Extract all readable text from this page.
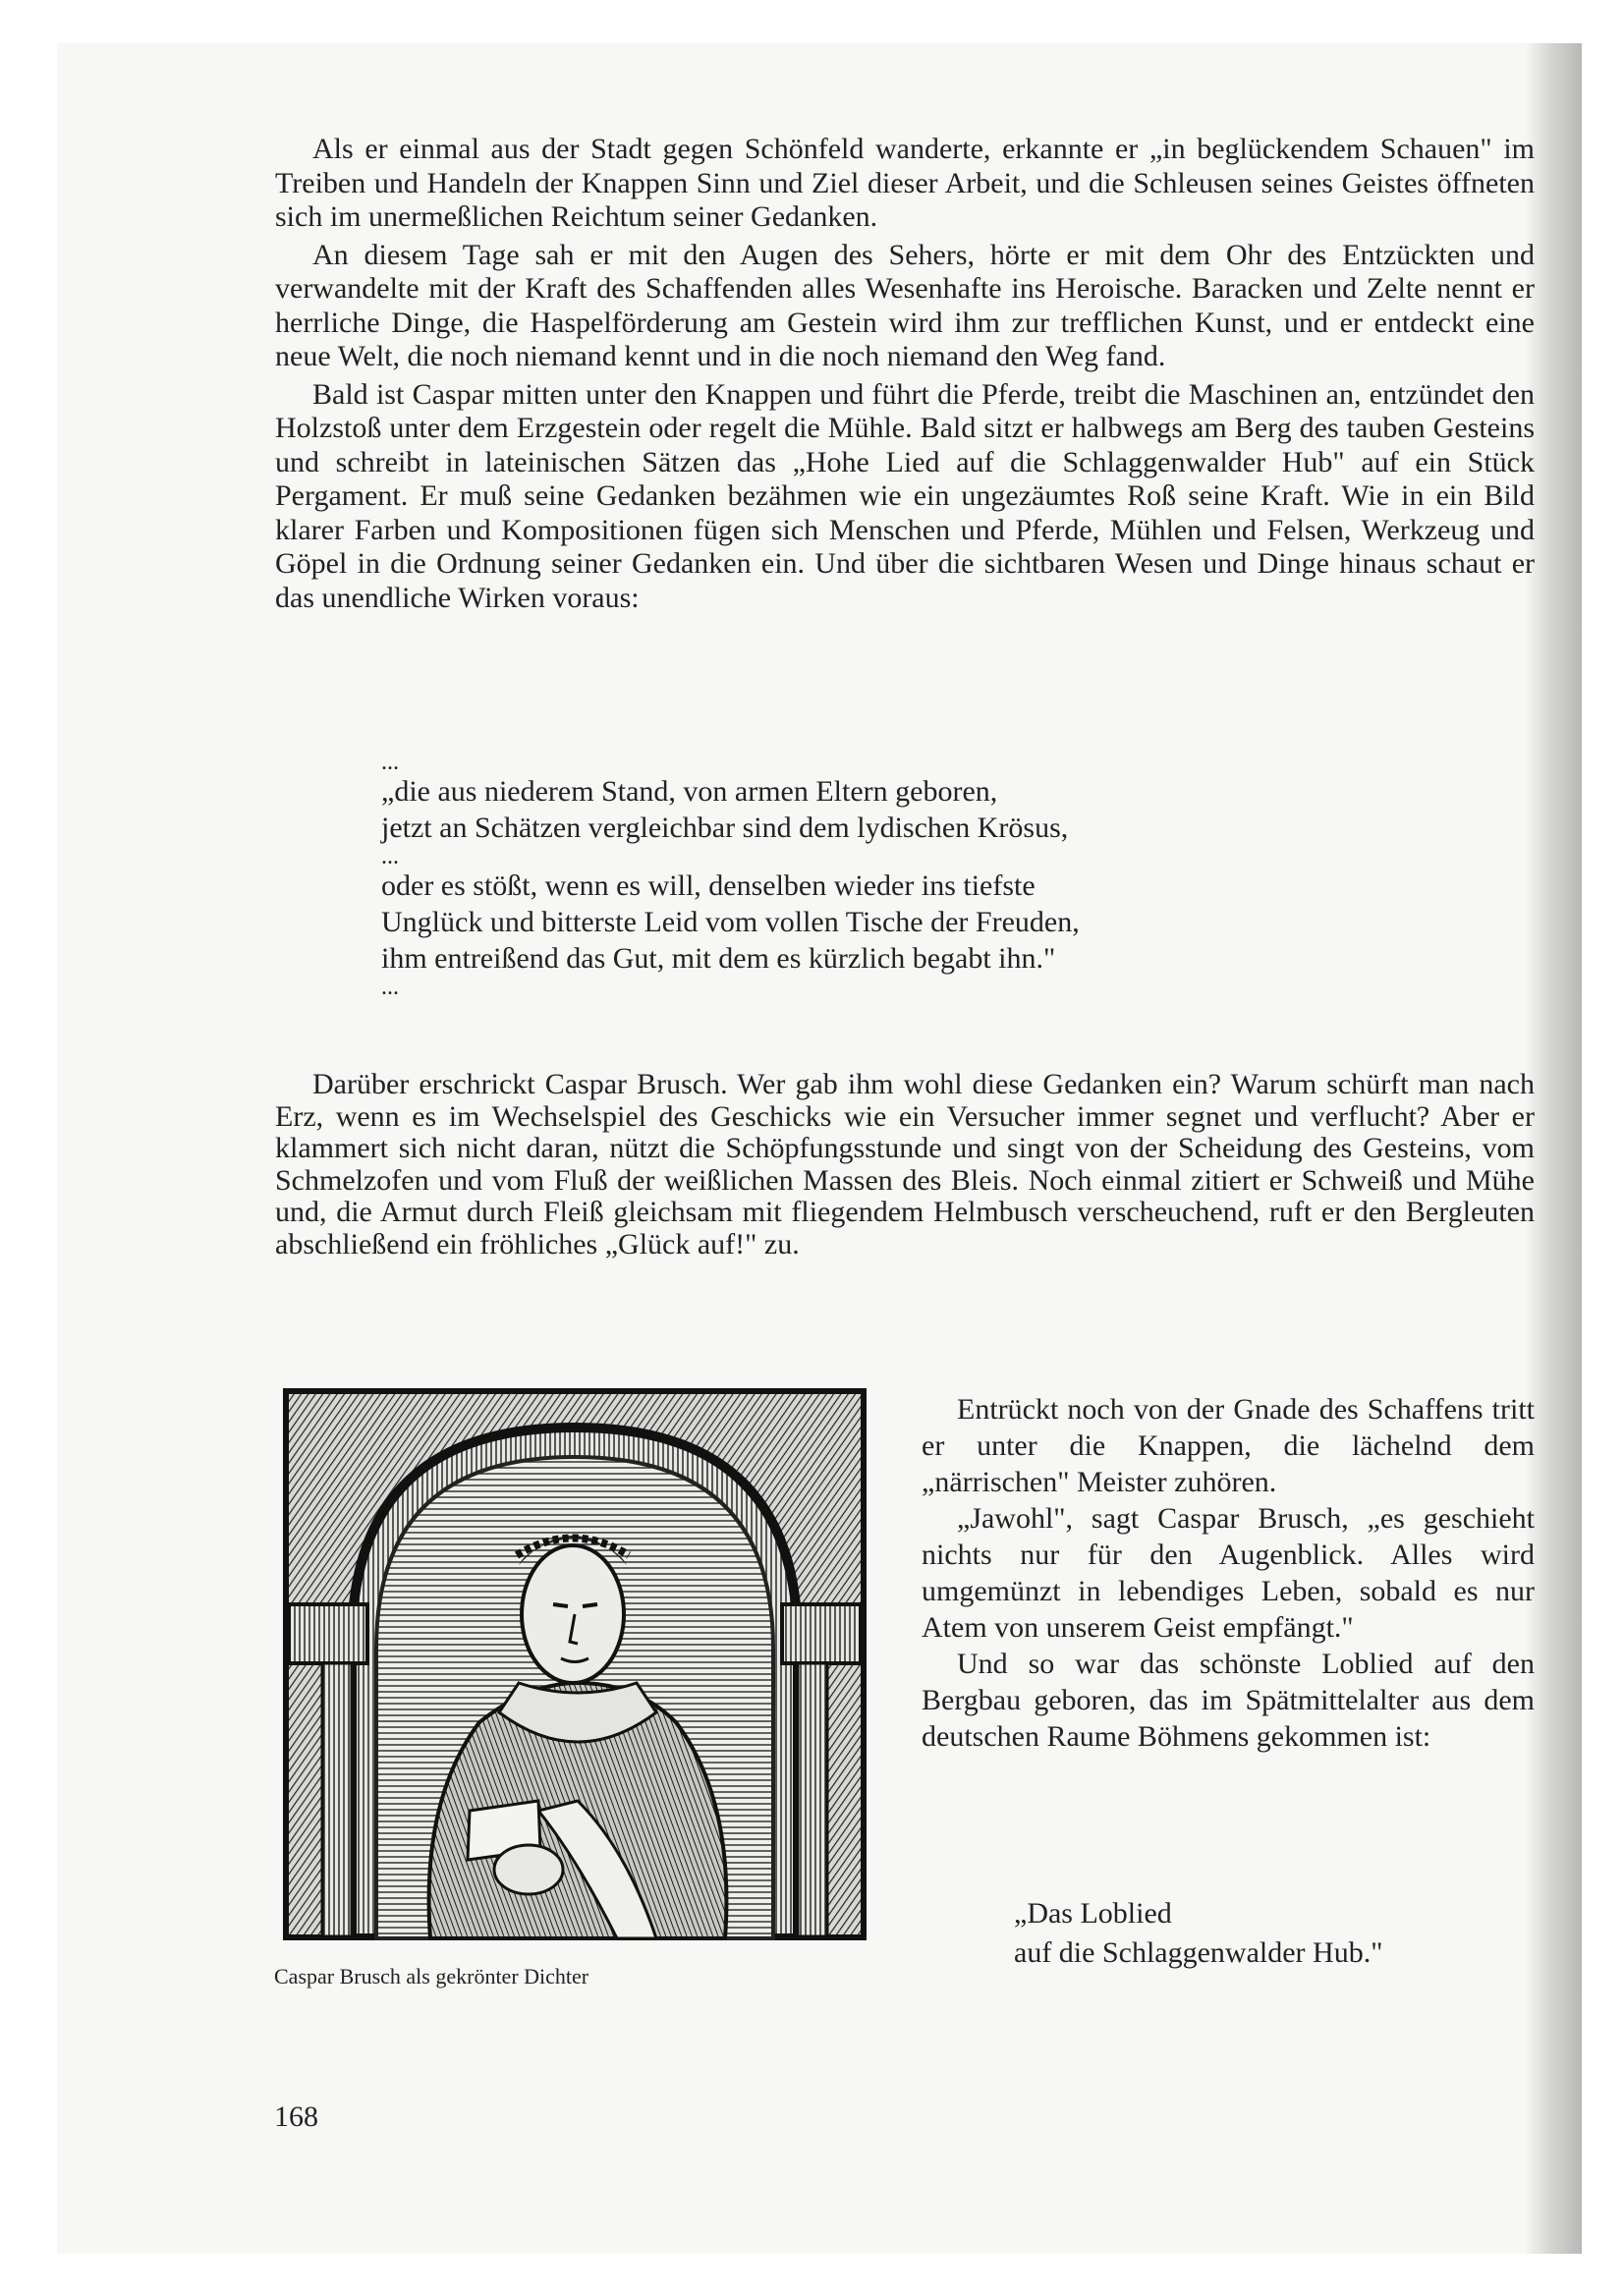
Als er einmal aus der Stadt gegen Schönfeld wanderte, erkannte er „in beglückendem Schauen" im Treiben und Handeln der Knappen Sinn und Ziel dieser Arbeit, und die Schleusen seines Geistes öffneten sich im unermeßlichen Reichtum seiner Gedanken.

An diesem Tage sah er mit den Augen des Sehers, hörte er mit dem Ohr des Entzückten und verwandelte mit der Kraft des Schaffenden alles Wesenhafte ins Heroische. Baracken und Zelte nennt er herrliche Dinge, die Haspelförderung am Gestein wird ihm zur trefflichen Kunst, und er entdeckt eine neue Welt, die noch niemand kennt und in die noch niemand den Weg fand.

Bald ist Caspar mitten unter den Knappen und führt die Pferde, treibt die Maschinen an, entzündet den Holzstoß unter dem Erzgestein oder regelt die Mühle. Bald sitzt er halbwegs am Berg des tauben Gesteins und schreibt in lateinischen Sätzen das „Hohe Lied auf die Schlaggenwalder Hub" auf ein Stück Pergament. Er muß seine Gedanken bezähmen wie ein ungezäumtes Roß seine Kraft. Wie in ein Bild klarer Farben und Kompositionen fügen sich Menschen und Pferde, Mühlen und Felsen, Werkzeug und Göpel in die Ordnung seiner Gedanken ein. Und über die sichtbaren Wesen und Dinge hinaus schaut er das unendliche Wirken voraus:

...
„die aus niederem Stand, von armen Eltern geboren,
jetzt an Schätzen vergleichbar sind dem lydischen Krösus,
...
oder es stößt, wenn es will, denselben wieder ins tiefste
Unglück und bitterste Leid vom vollen Tische der Freuden,
ihm entreißend das Gut, mit dem es kürzlich begabt ihn."
...

Darüber erschrickt Caspar Brusch. Wer gab ihm wohl diese Gedanken ein? Warum schürft man nach Erz, wenn es im Wechselspiel des Geschicks wie ein Versucher immer segnet und verflucht? Aber er klammert sich nicht daran, nützt die Schöpfungsstunde und singt von der Scheidung des Gesteins, vom Schmelzofen und vom Fluß der weißlichen Massen des Bleis. Noch einmal zitiert er Schweiß und Mühe und, die Armut durch Fleiß gleichsam mit fliegendem Helmbusch verscheuchend, ruft er den Bergleuten abschließend ein fröhliches „Glück auf!" zu.

Caspar Brusch als gekrönter Dichter

Entrückt noch von der Gnade des Schaffens tritt er unter die Knappen, die lächelnd dem „närrischen" Meister zuhören.

„Jawohl", sagt Caspar Brusch, „es geschieht nichts nur für den Augenblick. Alles wird umgemünzt in lebendiges Leben, sobald es nur Atem von unserem Geist empfängt."

Und so war das schönste Loblied auf den Bergbau geboren, das im Spätmittelalter aus dem deutschen Raume Böhmens gekommen ist:

„Das Loblied
auf die Schlaggenwalder Hub."
168
